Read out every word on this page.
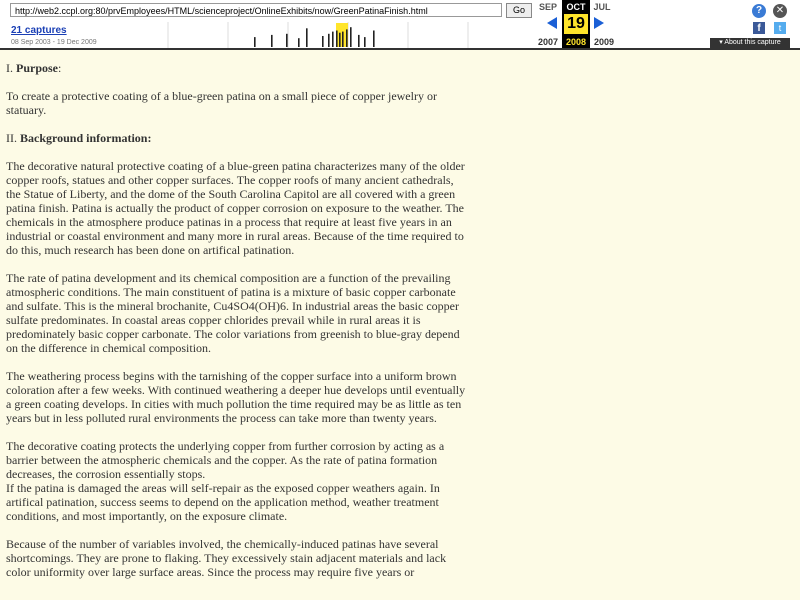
http://web2.ccpl.org:80/prvEmployees/HTML/scienceproject/OnlineExhibits/now/GreenPatinaFinish.html	Go
21 captures
08 Sep 2003 - 19 Dec 2009
SEP
2007
OCT
19
2008
JUL
2009
?	✕
f	t
▾ About this capture

I. Purpose:

To create a protective coating of a blue-green patina on a small piece of copper jewelry or statuary.

II. Background information:

The decorative natural protective coating of a blue-green patina characterizes many of the older copper roofs, statues and other copper surfaces. The copper roofs of many ancient cathedrals, the Statue of Liberty, and the dome of the South Carolina Capitol are all covered with a green patina finish. Patina is actually the product of copper corrosion on exposure to the weather. The chemicals in the atmosphere produce patinas in a process that require at least five years in an industrial or coastal environment and many more in rural areas. Because of the time required to do this, much research has been done on artifical patination.

The rate of patina development and its chemical composition are a function of the prevailing atmospheric conditions. The main constituent of patina is a mixture of basic copper carbonate and sulfate. This is the mineral brochanite, Cu4SO4(OH)6. In industrial areas the basic copper sulfate predominates. In coastal areas copper chlorides prevail while in rural areas it is predominately basic copper carbonate. The color variations from greenish to blue-gray depend on the difference in chemical composition.

The weathering process begins with the tarnishing of the copper surface into a uniform brown coloration after a few weeks. With continued weathering a deeper hue develops until eventually a green coating develops. In cities with much pollution the time required may be as little as ten years but in less polluted rural environments the process can take more than twenty years.

The decorative coating protects the underlying copper from further corrosion by acting as a barrier between the atmospheric chemicals and the copper. As the rate of patina formation decreases, the corrosion essentially stops.

If the patina is damaged the areas will self-repair as the exposed copper weathers again. In artifical patination, success seems to depend on the application method, weather treatment conditions, and most importantly, on the exposure climate.

Because of the number of variables involved, the chemically-induced patinas have several shortcomings. They are prone to flaking. They excessively stain adjacent materials and lack color uniformity over large surface areas. Since the process may require five years or
